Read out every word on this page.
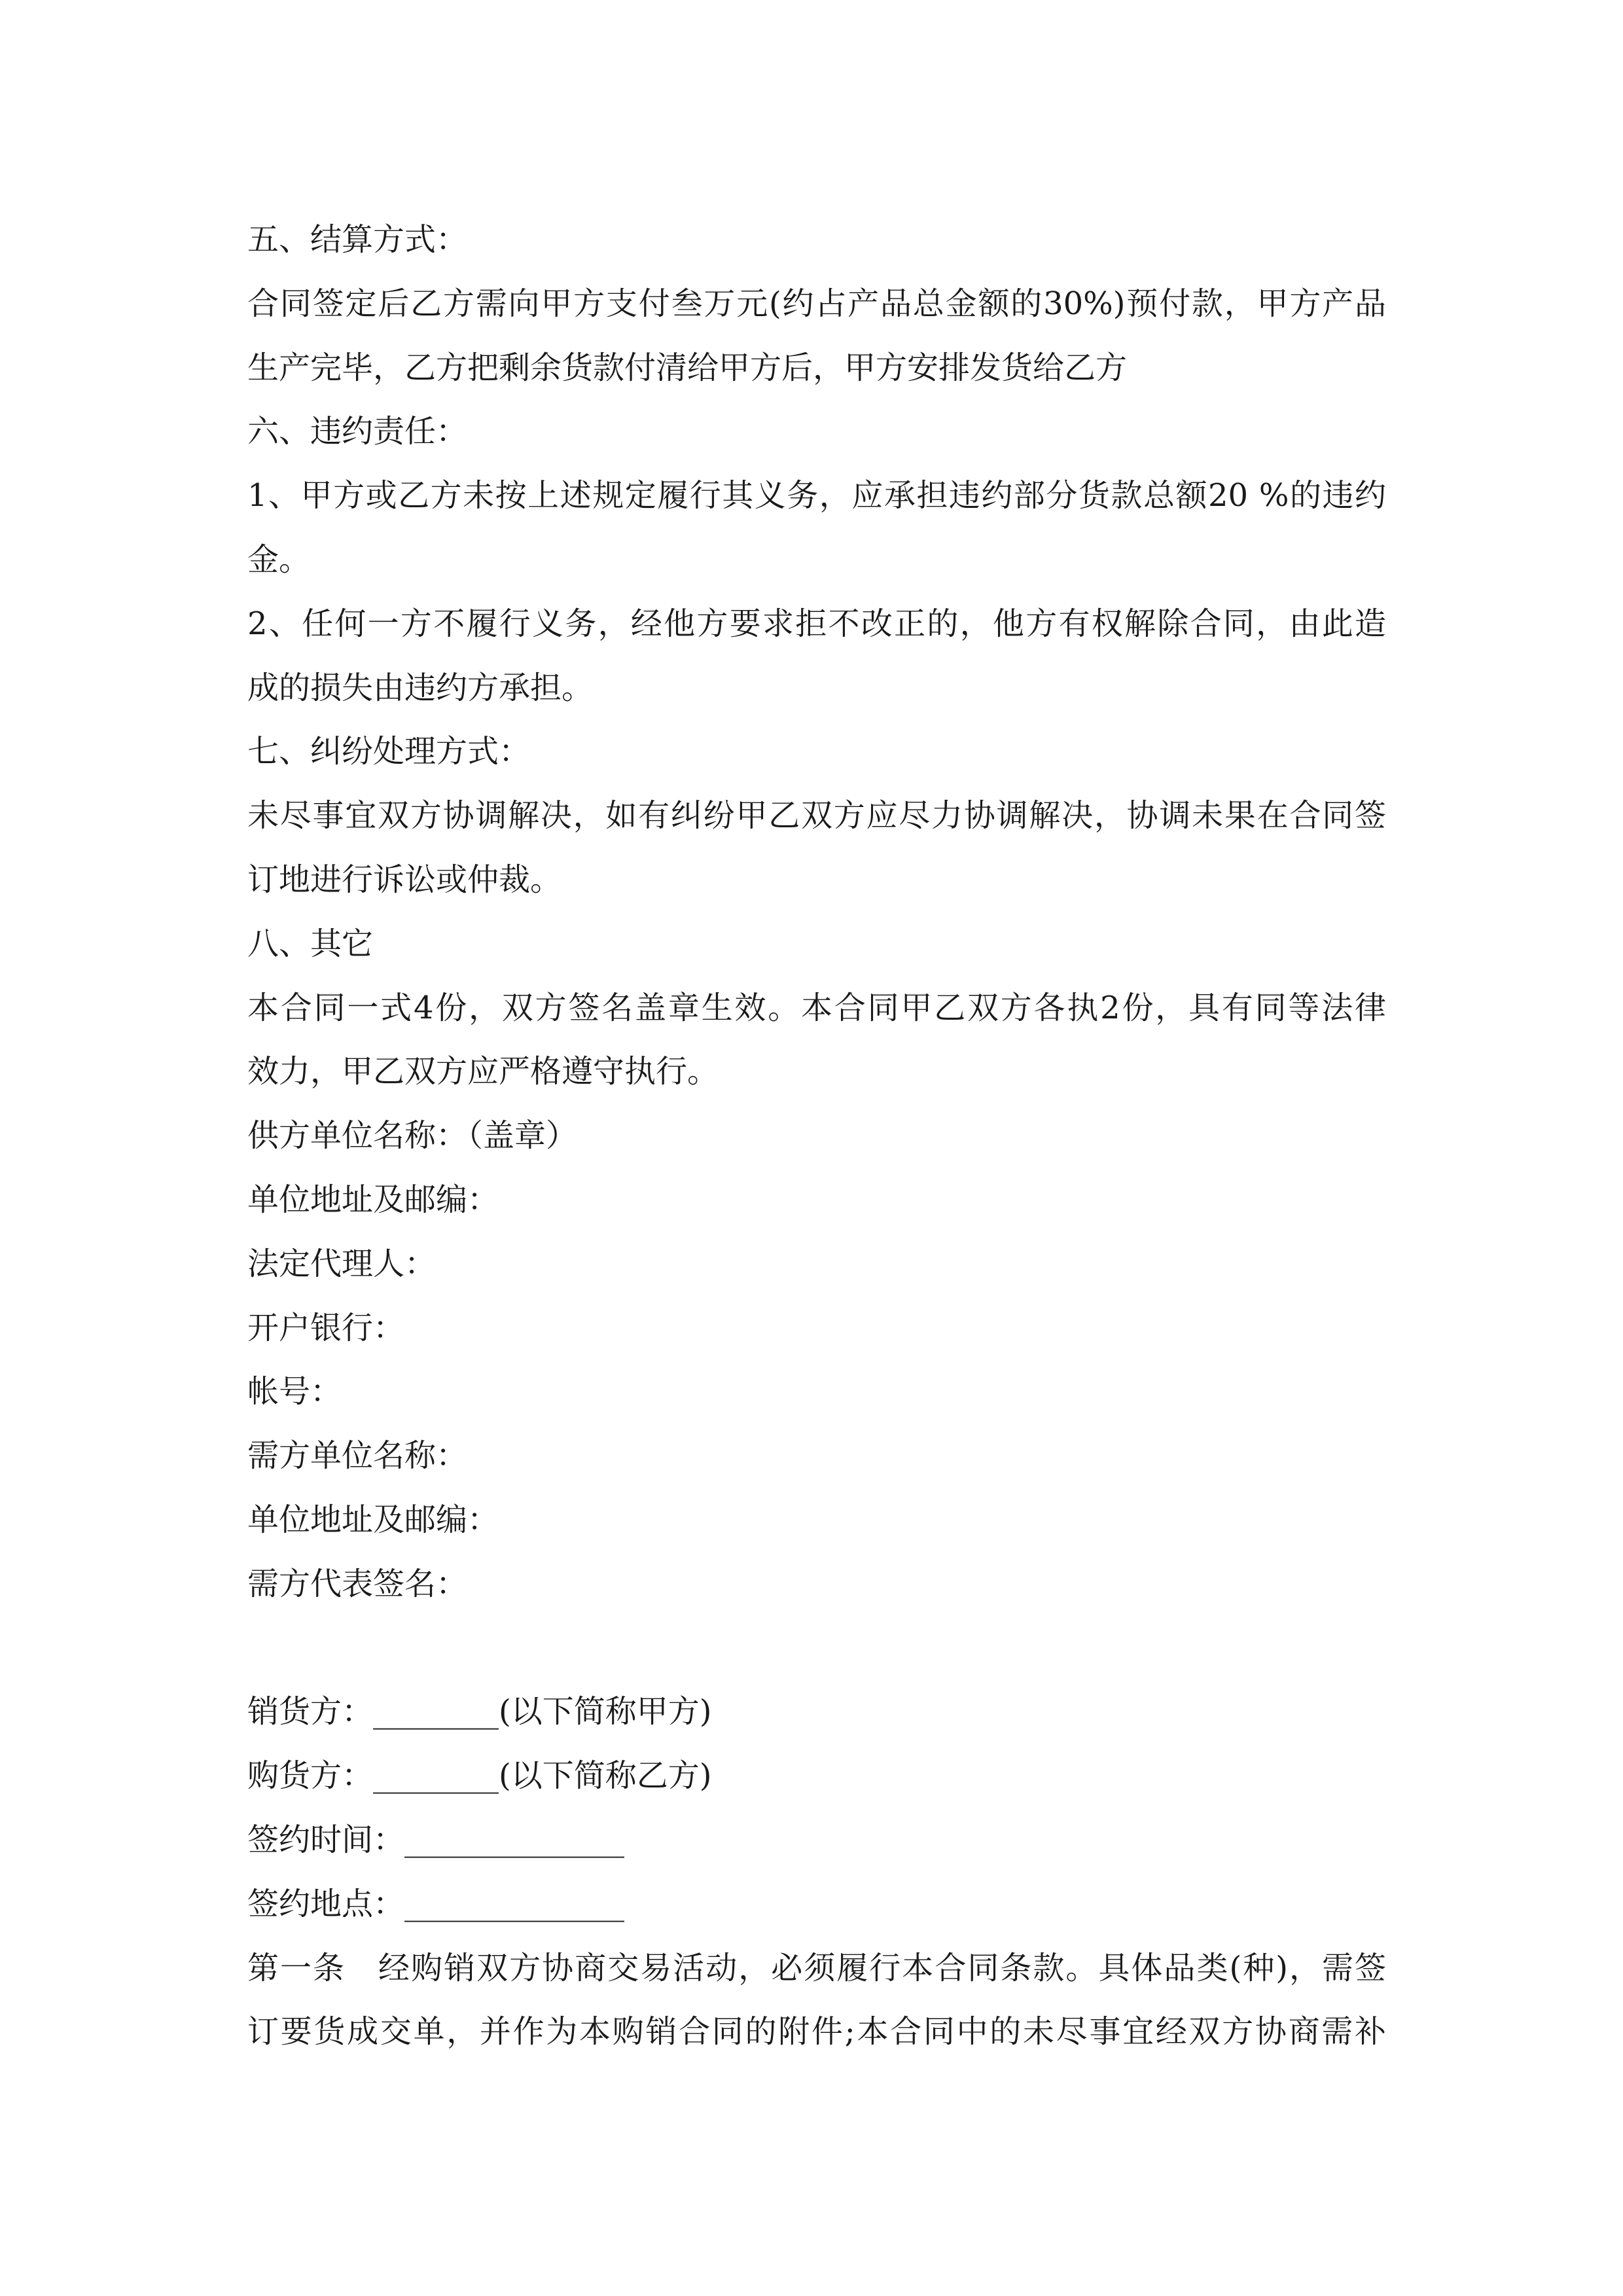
五、结算方式：
合同签定后乙方需向甲方支付叁万元(约占产品总金额的30%)预付款，甲方产品
生产完毕，乙方把剩余货款付清给甲方后，甲方安排发货给乙方
六、违约责任：
1、甲方或乙方未按上述规定履行其义务，应承担违约部分货款总额20 %的违约
金。
2、任何一方不履行义务，经他方要求拒不改正的，他方有权解除合同，由此造
成的损失由违约方承担。
七、纠纷处理方式：
未尽事宜双方协调解决，如有纠纷甲乙双方应尽力协调解决，协调未果在合同签
订地进行诉讼或仲裁。
八、其它
本合同一式4份，双方签名盖章生效。本合同甲乙双方各执2份，具有同等法律
效力，甲乙双方应严格遵守执行。
供方单位名称：（盖章）
单位地址及邮编：
法定代理人：
开户银行：
帐号：
需方单位名称：
单位地址及邮编：
需方代表签名：
销货方：________(以下简称甲方)
购货方：________(以下简称乙方)
签约时间：______________
签约地点：______________
第一条　经购销双方协商交易活动，必须履行本合同条款。具体品类(种)，需签
订要货成交单，并作为本购销合同的附件;本合同中的未尽事宜经双方协商需补
